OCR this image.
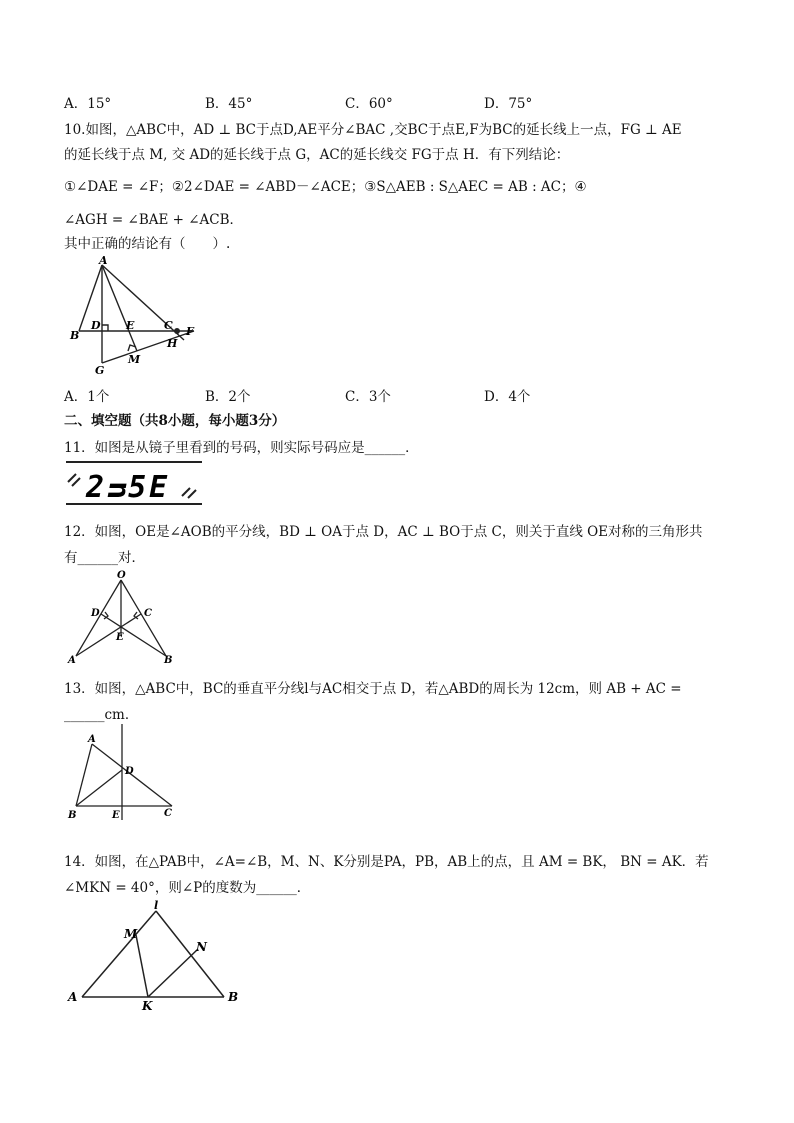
A．15°	B．45°	C．60°	D．75°
10.如图，△ABC中，AD ⊥ BC于点D,AE平分∠BAC ,交BC于点E,F为BC的延长线上一点，FG ⊥ AE
的延长线于点 M, 交 AD的延长线于点 G，AC的延长线交 FG于点 H．有下列结论：
①∠DAE = ∠F；②2∠DAE = ∠ABD－∠ACE；③S△AEB : S△AEC = AB : AC；④
∠AGH = ∠BAE + ∠ACB．
其中正确的结论有（　　）.
A
B
D E	C F
H
M
G
A．1个	B．2个	C．3个	D．4个
二、填空题（共8小题，每小题3分）
11．如图是从镜子里看到的号码，则实际号码应是______．
2ᴝ5E
12．如图，OE是∠AOB的平分线，BD ⊥ OA于点 D，AC ⊥ BO于点 C，则关于直线 OE对称的三角形共
有______对．
O
D	C
E
A	B
13．如图，△ABC中，BC的垂直平分线l与AC相交于点 D，若△ABD的周长为 12cm，则 AB + AC =
______cm．
A
D
B	E	C
14．如图，在△PAB中，∠A=∠B，M、N、K分别是PA，PB，AB上的点，且 AM = BK， BN = AK．若
∠MKN = 40°，则∠P的度数为______．
l
M
N
A	B
K
